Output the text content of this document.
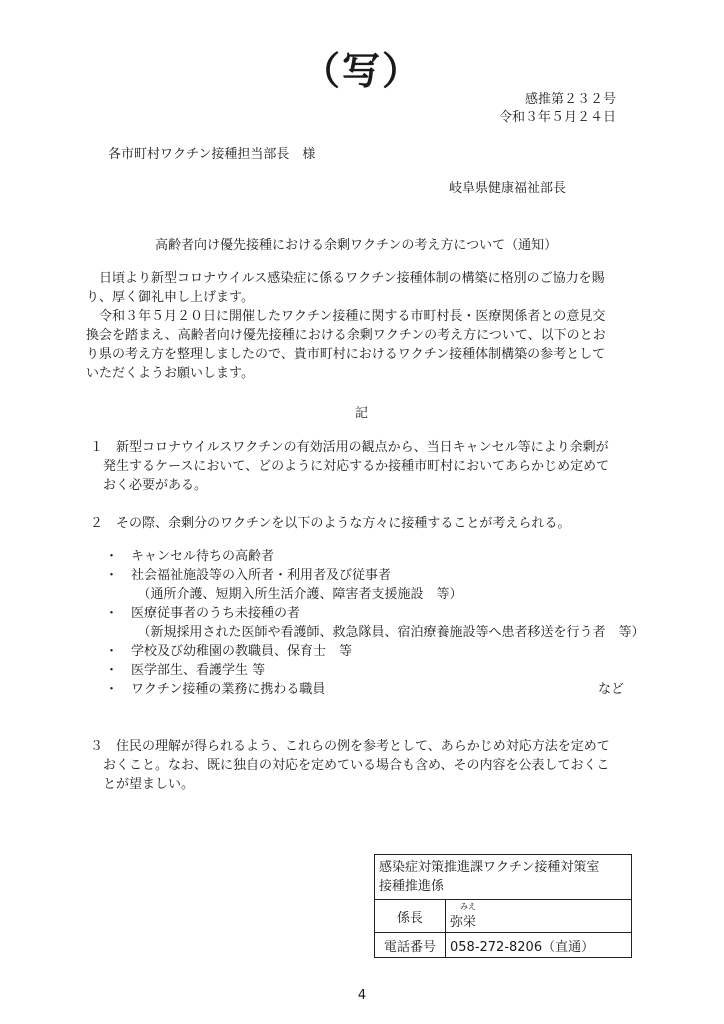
（写）
感推第２３２号
令和３年５月２４日
各市町村ワクチン接種担当部長　様
岐阜県健康福祉部長
高齢者向け優先接種における余剰ワクチンの考え方について（通知）
　日頃より新型コロナウイルス感染症に係るワクチン接種体制の構築に格別のご協力を賜
り、厚く御礼申し上げます。
　令和３年５月２０日に開催したワクチン接種に関する市町村長・医療関係者との意見交
換会を踏まえ、高齢者向け優先接種における余剰ワクチンの考え方について、以下のとお
り県の考え方を整理しましたので、貴市町村におけるワクチン接種体制構築の参考として
いただくようお願いします。
記
１　新型コロナウイルスワクチンの有効活用の観点から、当日キャンセル等により余剰が
　発生するケースにおいて、どのように対応するか接種市町村においてあらかじめ定めて
　おく必要がある。
２　その際、余剰分のワクチンを以下のような方々に接種することが考えられる。
・　キャンセル待ちの高齢者
・　社会福祉施設等の入所者・利用者及び従事者
　　　（通所介護、短期入所生活介護、障害者支援施設　等）
・　医療従事者のうち未接種の者
　　　（新規採用された医師や看護師、救急隊員、宿泊療養施設等へ患者移送を行う者　等）
・　学校及び幼稚園の教職員、保育士　等
・　医学部生、看護学生 等
・　ワクチン接種の業務に携わる職員	など
３　住民の理解が得られるよう、これらの例を参考として、あらかじめ対応方法を定めて
　おくこと。なお、既に独自の対応を定めている場合も含め、その内容を公表しておくこ
　とが望ましい。
感染症対策推進課ワクチン接種対策室
接種推進係	

係長	みえ
弥栄
電話番号	058-272-8206（直通）
4
